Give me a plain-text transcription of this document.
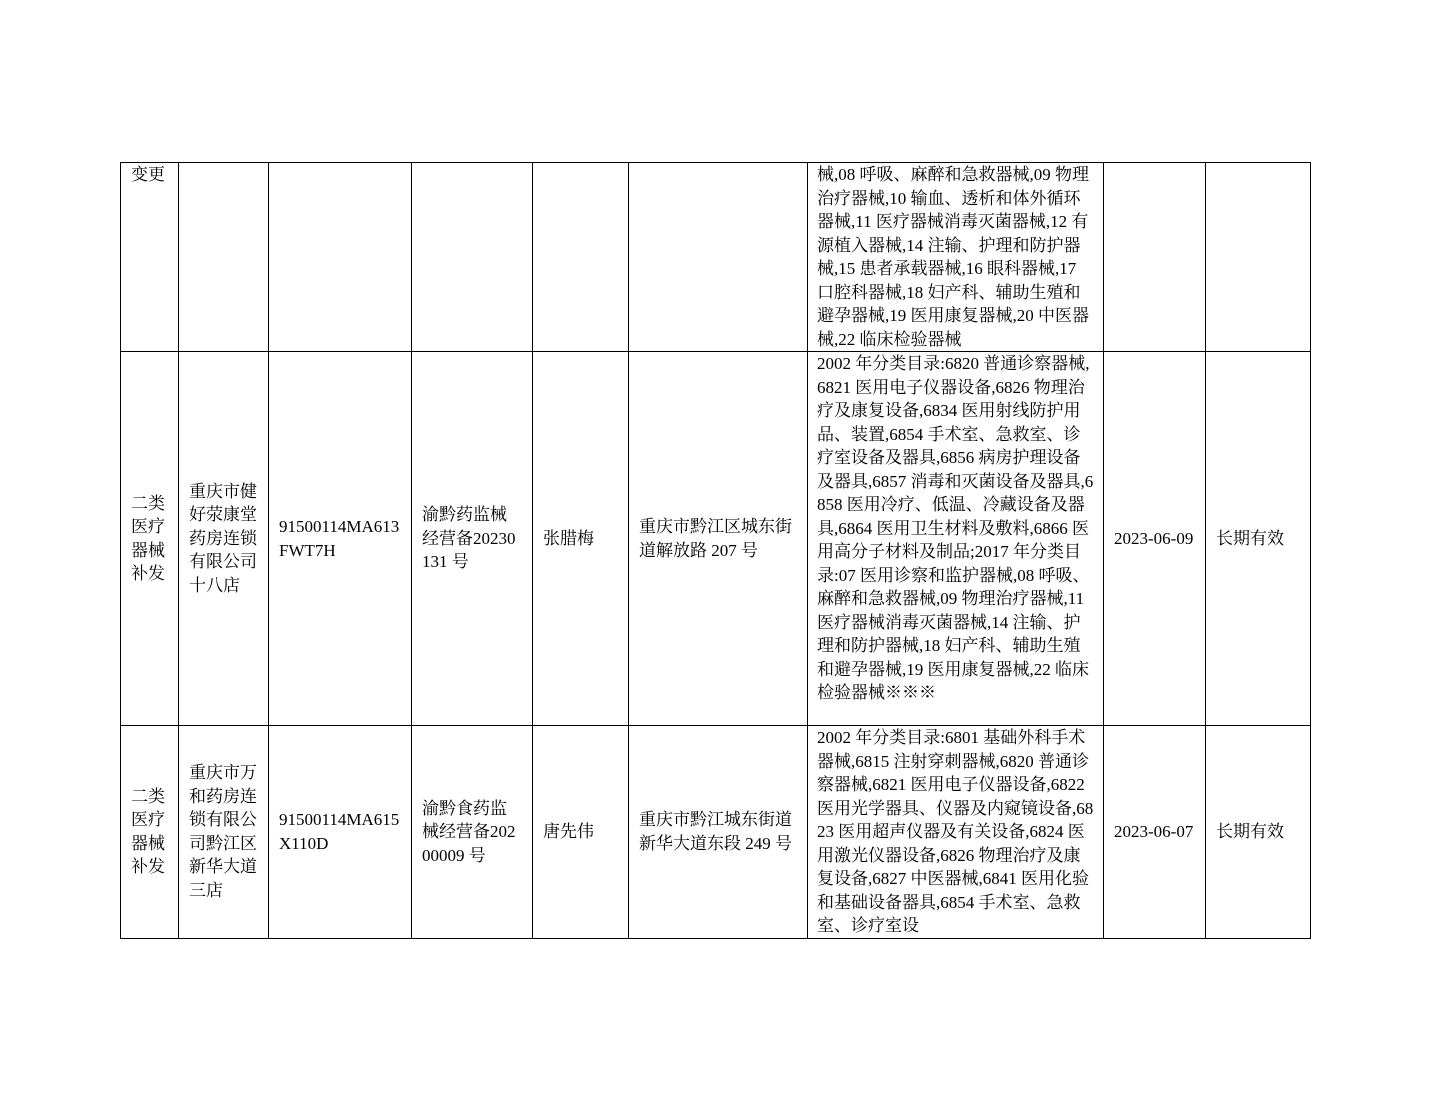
变更						械,08 呼吸、麻醉和急救器械,09 物理治疗器械,10 输血、透析和体外循环器械,11 医疗器械消毒灭菌器械,12 有源植入器械,14 注输、护理和防护器械,15 患者承载器械,16 眼科器械,17 口腔科器械,18 妇产科、辅助生殖和避孕器械,19 医用康复器械,20 中医器械,22 临床检验器械		

二类医疗器械补发	重庆市健好荥康堂药房连锁有限公司十八店	91500114MA613FWT7H	渝黔药监械经营备20230131 号	张腊梅	重庆市黔江区城东街道解放路 207 号	2002 年分类目录:6820 普通诊察器械,6821 医用电子仪器设备,6826 物理治疗及康复设备,6834 医用射线防护用品、装置,6854 手术室、急救室、诊疗室设备及器具,6856 病房护理设备及器具,6857 消毒和灭菌设备及器具,6858 医用冷疗、低温、冷藏设备及器具,6864 医用卫生材料及敷料,6866 医用高分子材料及制品;2017 年分类目录:07 医用诊察和监护器械,08 呼吸、麻醉和急救器械,09 物理治疗器械,11 医疗器械消毒灭菌器械,14 注输、护理和防护器械,18 妇产科、辅助生殖和避孕器械,19 医用康复器械,22 临床检验器械※※※	2023-06-09	长期有效

二类医疗器械补发	重庆市万和药房连锁有限公司黔江区新华大道三店	91500114MA615X110D	渝黔食药监械经营备20200009 号	唐先伟	重庆市黔江城东街道新华大道东段 249 号	2002 年分类目录:6801 基础外科手术器械,6815 注射穿刺器械,6820 普通诊察器械,6821 医用电子仪器设备,6822 医用光学器具、仪器及内窥镜设备,6823 医用超声仪器及有关设备,6824 医用激光仪器设备,6826 物理治疗及康复设备,6827 中医器械,6841 医用化验和基础设备器具,6854 手术室、急救室、诊疗室设	2023-06-07	长期有效
